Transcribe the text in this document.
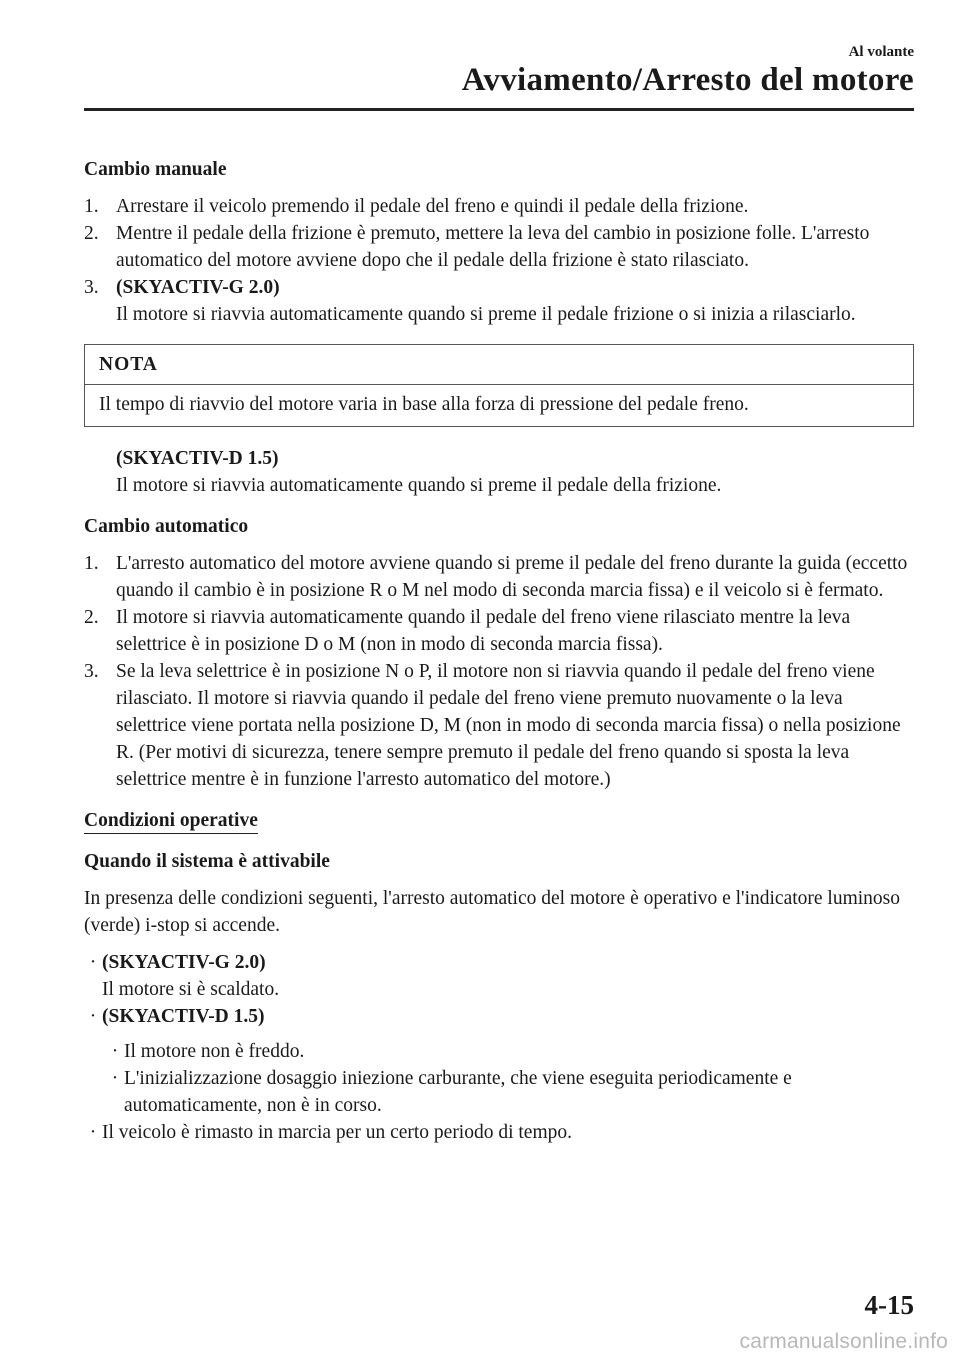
Al volante
Avviamento/Arresto del motore

Cambio manuale

1. Arrestare il veicolo premendo il pedale del freno e quindi il pedale della frizione.
2. Mentre il pedale della frizione è premuto, mettere la leva del cambio in posizione folle. L'arresto automatico del motore avviene dopo che il pedale della frizione è stato rilasciato.
3. (SKYACTIV-G 2.0)
Il motore si riavvia automaticamente quando si preme il pedale frizione o si inizia a rilasciarlo.
NOTA
Il tempo di riavvio del motore varia in base alla forza di pressione del pedale freno.
(SKYACTIV-D 1.5)
Il motore si riavvia automaticamente quando si preme il pedale della frizione.

Cambio automatico

1. L'arresto automatico del motore avviene quando si preme il pedale del freno durante la guida (eccetto quando il cambio è in posizione R o M nel modo di seconda marcia fissa) e il veicolo si è fermato.
2. Il motore si riavvia automaticamente quando il pedale del freno viene rilasciato mentre la leva selettrice è in posizione D o M (non in modo di seconda marcia fissa).
3. Se la leva selettrice è in posizione N o P, il motore non si riavvia quando il pedale del freno viene rilasciato. Il motore si riavvia quando il pedale del freno viene premuto nuovamente o la leva selettrice viene portata nella posizione D, M (non in modo di seconda marcia fissa) o nella posizione R. (Per motivi di sicurezza, tenere sempre premuto il pedale del freno quando si sposta la leva selettrice mentre è in funzione l'arresto automatico del motore.)
Condizioni operative

Quando il sistema è attivabile

In presenza delle condizioni seguenti, l'arresto automatico del motore è operativo e l'indicatore luminoso (verde) i-stop si accende.

· (SKYACTIV-G 2.0)
Il motore si è scaldato.
· (SKYACTIV-D 1.5)
· Il motore non è freddo.
· L'inizializzazione dosaggio iniezione carburante, che viene eseguita periodicamente e automaticamente, non è in corso.
· Il veicolo è rimasto in marcia per un certo periodo di tempo.
4-15
carmanualsonline.info
